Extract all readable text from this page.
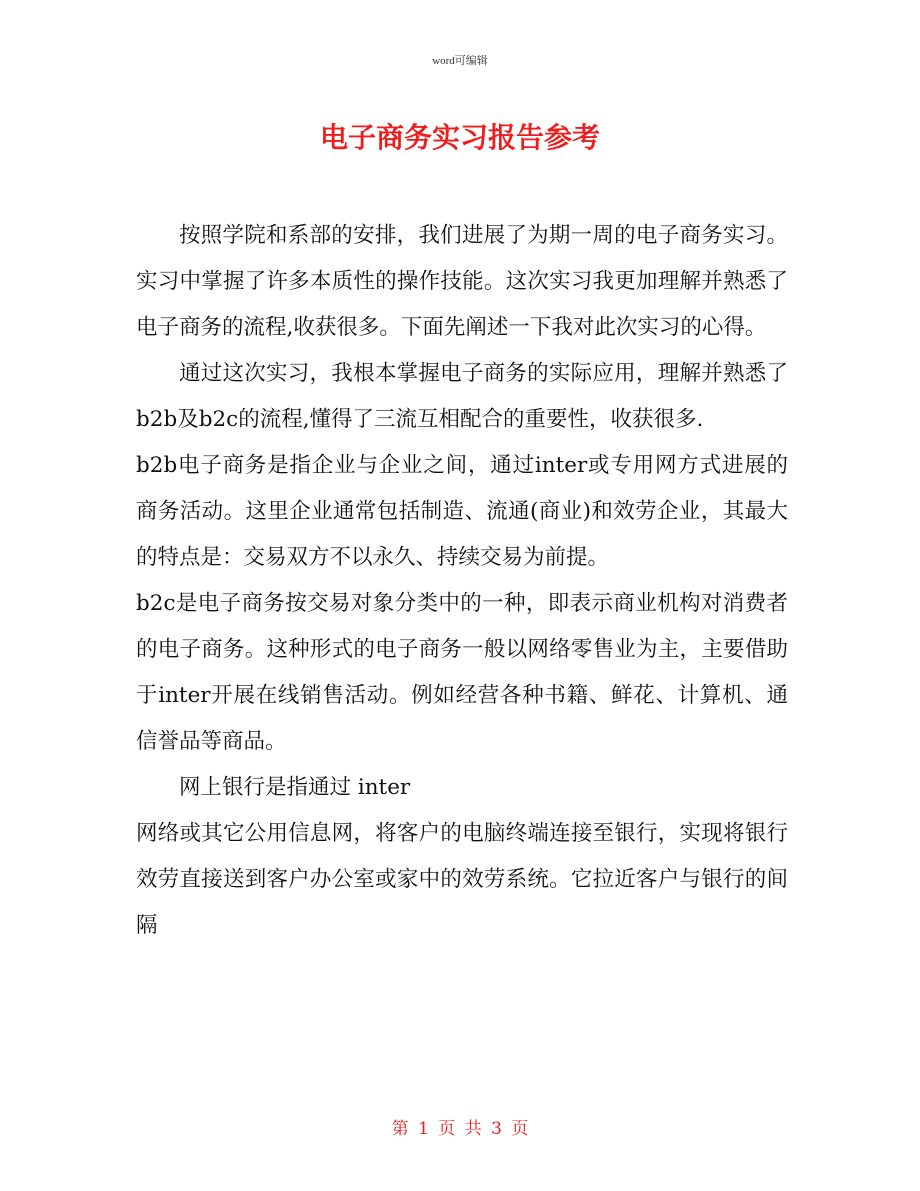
word可编辑
电子商务实习报告参考

按照学院和系部的安排，我们进展了为期一周的电子商务实习。实习中掌握了许多本质性的操作技能。这次实习我更加理解并熟悉了电子商务的流程,收获很多。下面先阐述一下我对此次实习的心得。

通过这次实习，我根本掌握电子商务的实际应用，理解并熟悉了b2b及b2c的流程,懂得了三流互相配合的重要性，收获很多.

b2b电子商务是指企业与企业之间，通过inter或专用网方式进展的商务活动。这里企业通常包括制造、流通(商业)和效劳企业，其最大的特点是：交易双方不以永久、持续交易为前提。

b2c是电子商务按交易对象分类中的一种，即表示商业机构对消费者的电子商务。这种形式的电子商务一般以网络零售业为主，主要借助于inter开展在线销售活动。例如经营各种书籍、鲜花、计算机、通信誉品等商品。

网上银行是指通过 inter

网络或其它公用信息网，将客户的电脑终端连接至银行，实现将银行效劳直接送到客户办公室或家中的效劳系统。它拉近客户与银行的间隔

第 1 页 共 3 页
